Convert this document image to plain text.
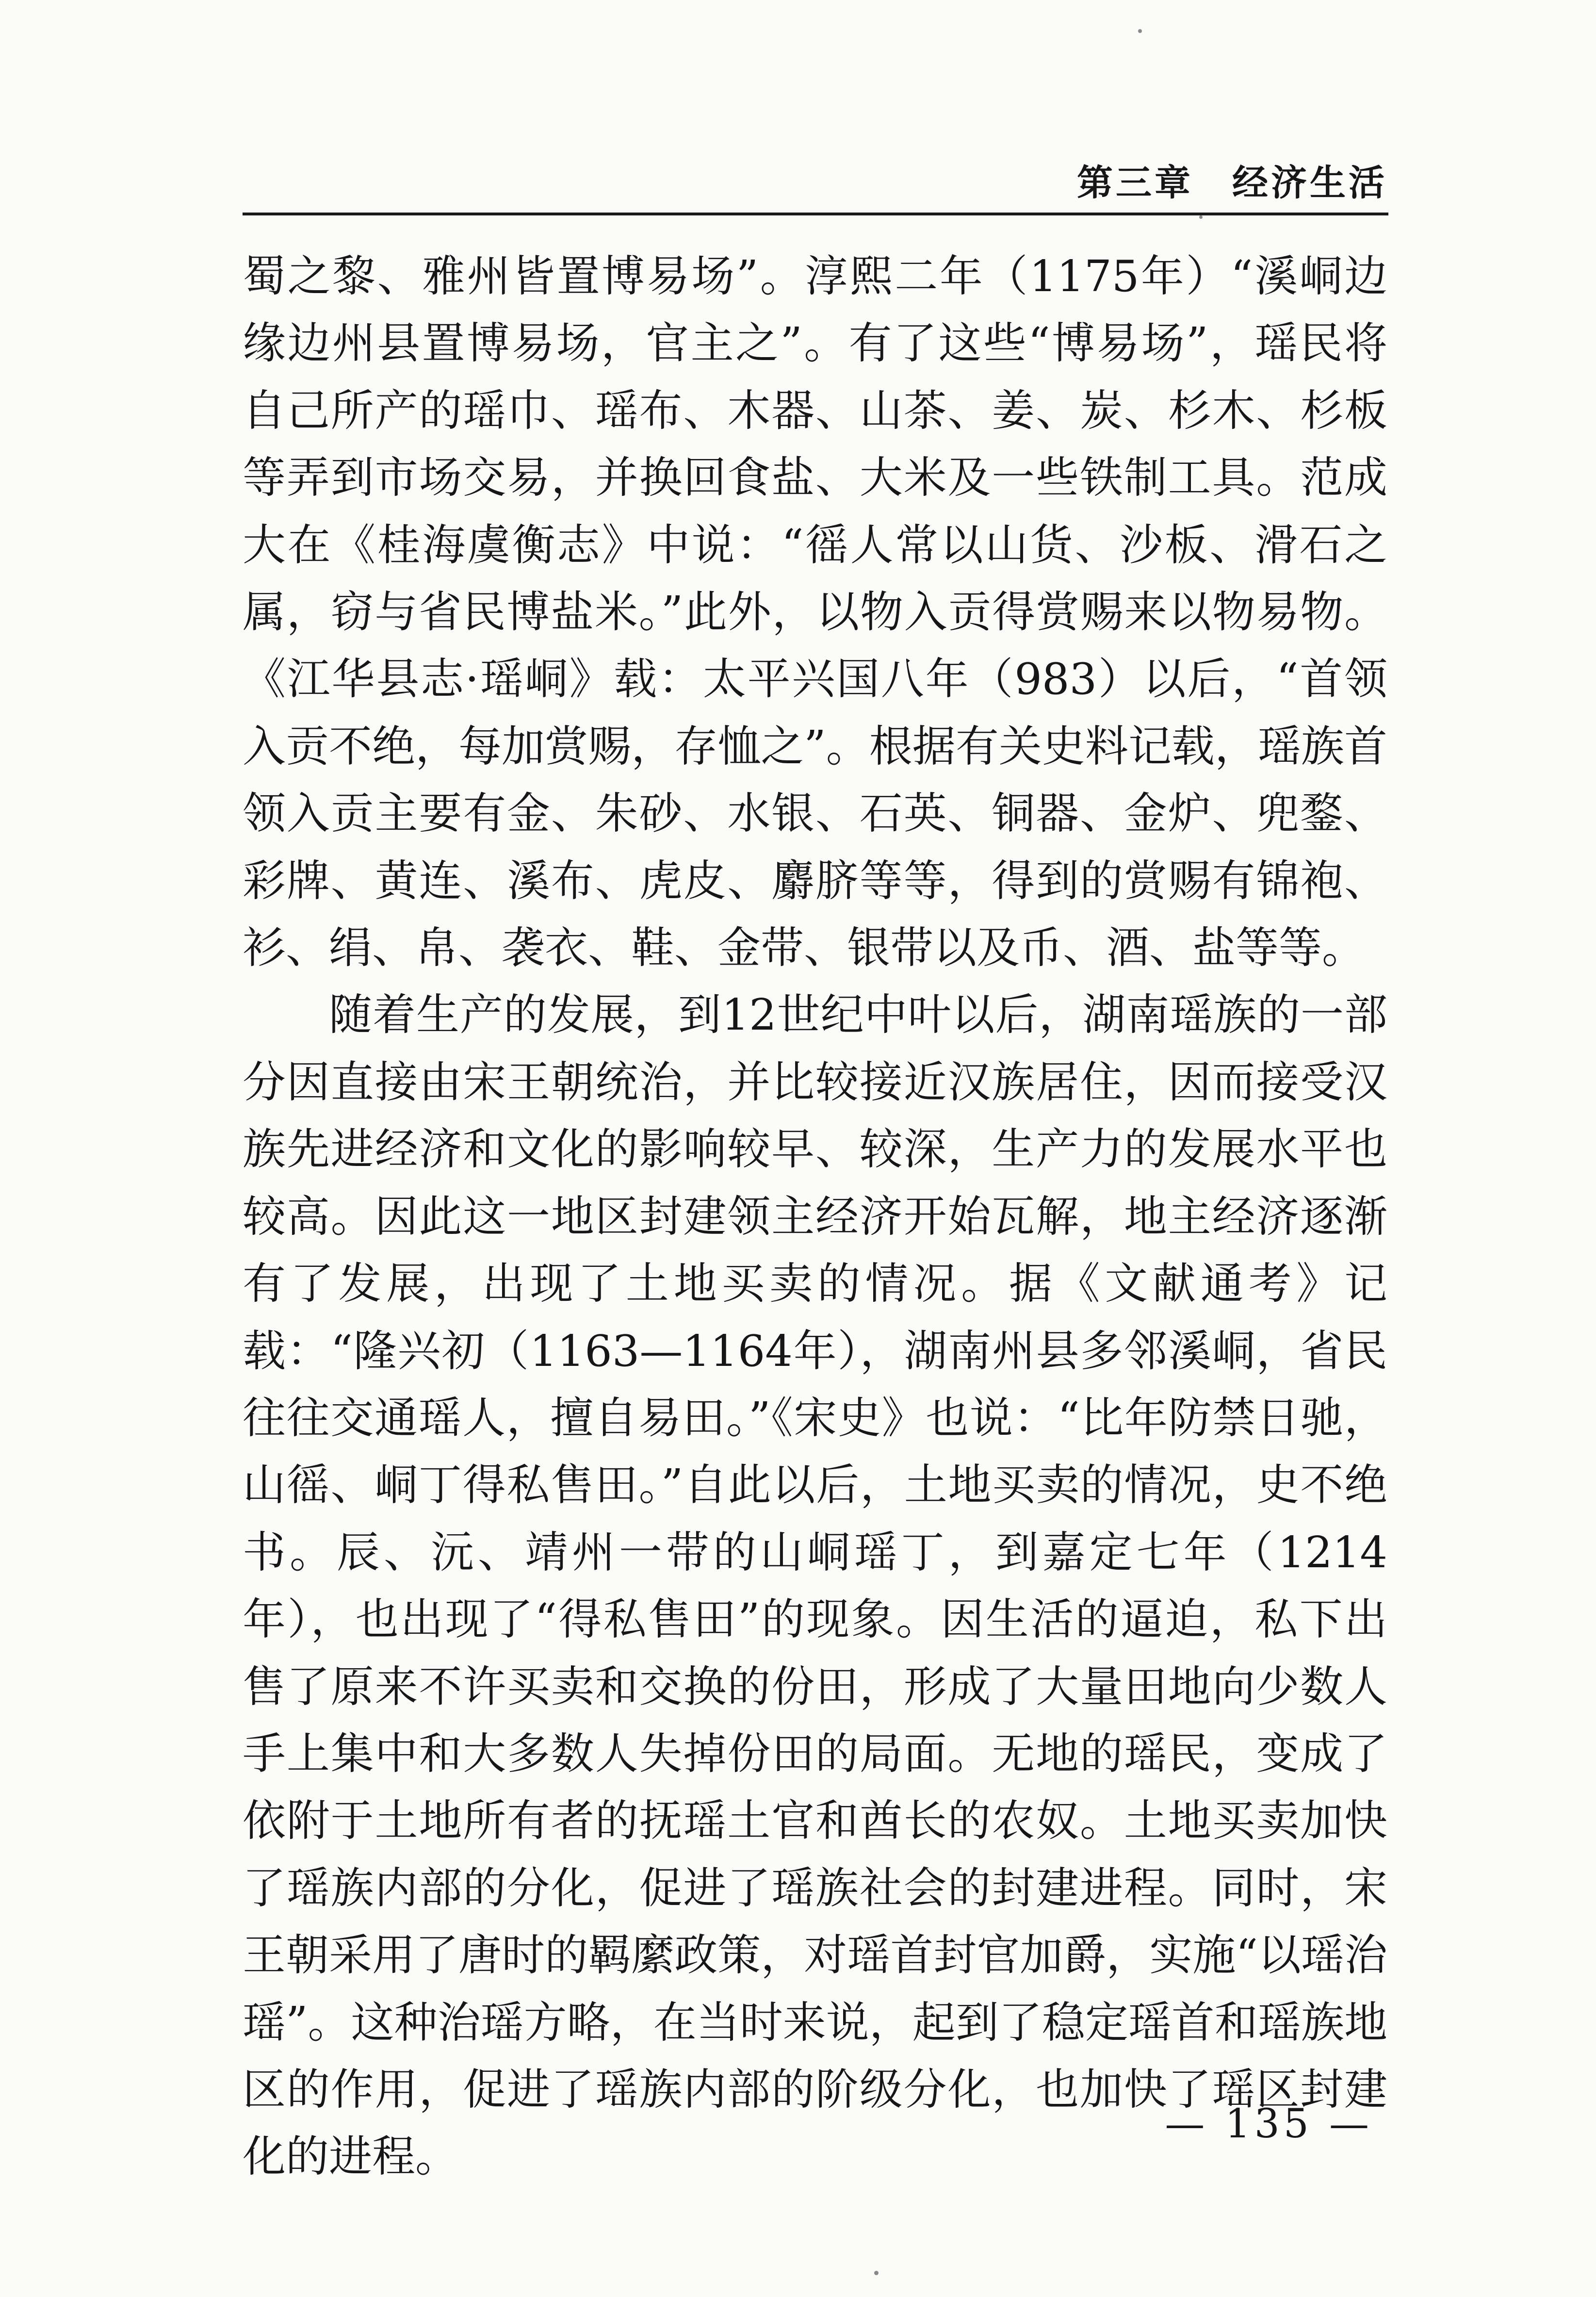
第三章　经济生活

蜀之黎、雅州皆置博易场”。淳熙二年（1175年）“溪峒边缘边州县置博易场，官主之”。有了这些“博易场”，瑶民将自己所产的瑶巾、瑶布、木器、山茶、姜、炭、杉木、杉板等弄到市场交易，并换回食盐、大米及一些铁制工具。范成大在《桂海虞衡志》中说：“徭人常以山货、沙板、滑石之属，窃与省民博盐米。”此外，以物入贡得赏赐来以物易物。《江华县志·瑶峒》载：太平兴国八年（983）以后，“首领入贡不绝，每加赏赐，存恤之”。根据有关史料记载，瑶族首领入贡主要有金、朱砂、水银、石英、铜器、金炉、兜鍪、彩牌、黄连、溪布、虎皮、麝脐等等，得到的赏赐有锦袍、衫、绢、帛、袭衣、鞋、金带、银带以及币、酒、盐等等。

随着生产的发展，到12世纪中叶以后，湖南瑶族的一部分因直接由宋王朝统治，并比较接近汉族居住，因而接受汉族先进经济和文化的影响较早、较深，生产力的发展水平也较高。因此这一地区封建领主经济开始瓦解，地主经济逐渐有了发展，出现了土地买卖的情况。据《文献通考》记载：“隆兴初（1163—1164年），湖南州县多邻溪峒，省民往往交通瑶人，擅自易田。”《宋史》也说：“比年防禁日驰，山徭、峒丁得私售田。”自此以后，土地买卖的情况，史不绝书。辰、沅、靖州一带的山峒瑶丁，到嘉定七年（1214年），也出现了“得私售田”的现象。因生活的逼迫，私下出售了原来不许买卖和交换的份田，形成了大量田地向少数人手上集中和大多数人失掉份田的局面。无地的瑶民，变成了依附于土地所有者的抚瑶土官和酋长的农奴。土地买卖加快了瑶族内部的分化，促进了瑶族社会的封建进程。同时，宋王朝采用了唐时的羁縻政策，对瑶首封官加爵，实施“以瑶治瑶”。这种治瑶方略，在当时来说，起到了稳定瑶首和瑶族地区的作用，促进了瑶族内部的阶级分化，也加快了瑶区封建化的进程。

— 135 —
